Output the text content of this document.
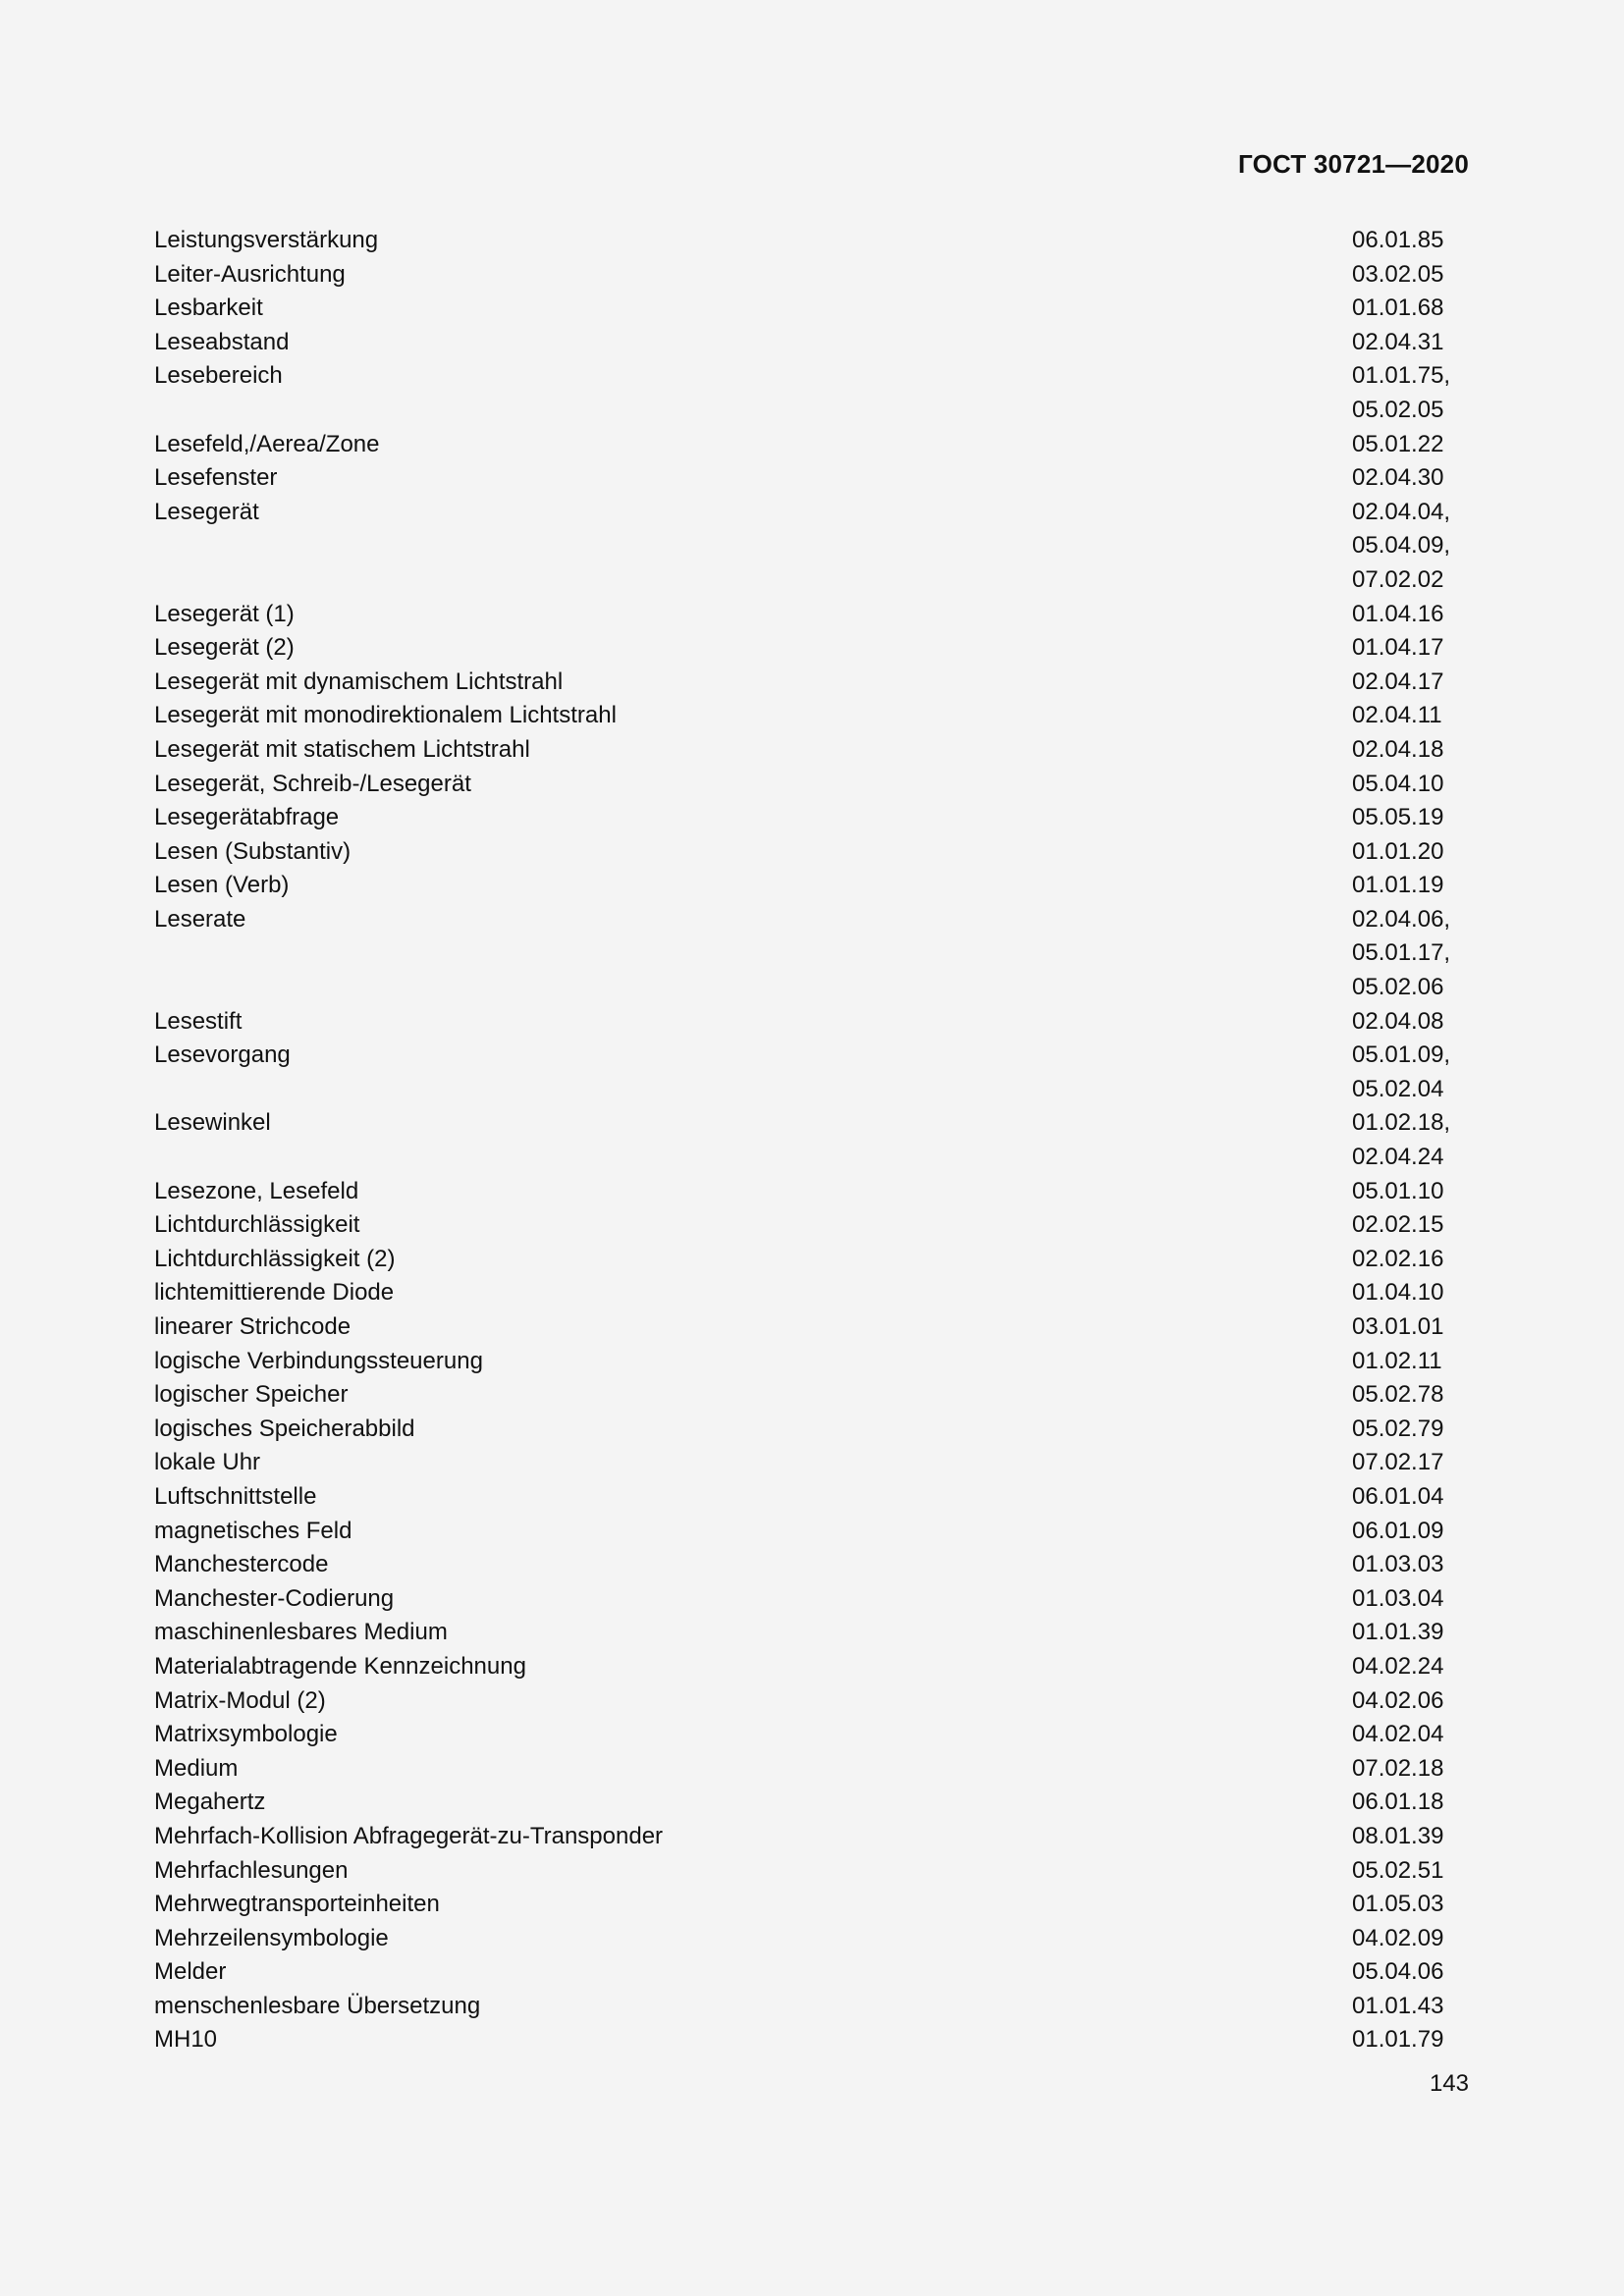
ГОСТ 30721—2020
Leistungsverstärkung	06.01.85
Leiter-Ausrichtung	03.02.05
Lesbarkeit	01.01.68
Leseabstand	02.04.31
Lesebereich	01.01.75,
05.02.05
Lesefeld,/Aerea/Zone	05.01.22
Lesefenster	02.04.30
Lesegerät	02.04.04,
05.04.09,
07.02.02
Lesegerät (1)	01.04.16
Lesegerät (2)	01.04.17
Lesegerät mit dynamischem Lichtstrahl	02.04.17
Lesegerät mit monodirektionalem Lichtstrahl	02.04.11
Lesegerät mit statischem Lichtstrahl	02.04.18
Lesegerät, Schreib-/Lesegerät	05.04.10
Lesegerätabfrage	05.05.19
Lesen (Substantiv)	01.01.20
Lesen (Verb)	01.01.19
Leserate	02.04.06,
05.01.17,
05.02.06
Lesestift	02.04.08
Lesevorgang	05.01.09,
05.02.04
Lesewinkel	01.02.18,
02.04.24
Lesezone, Lesefeld	05.01.10
Lichtdurchlässigkeit	02.02.15
Lichtdurchlässigkeit (2)	02.02.16
lichtemittierende Diode	01.04.10
linearer Strichcode	03.01.01
logische Verbindungssteuerung	01.02.11
logischer Speicher	05.02.78
logisches Speicherabbild	05.02.79
lokale Uhr	07.02.17
Luftschnittstelle	06.01.04
magnetisches Feld	06.01.09
Manchestercode	01.03.03
Manchester-Codierung	01.03.04
maschinenlesbares Medium	01.01.39
Materialabtragende Kennzeichnung	04.02.24
Matrix-Modul (2)	04.02.06
Matrixsymbologie	04.02.04
Medium	07.02.18
Megahertz	06.01.18
Mehrfach-Kollision Abfragegerät-zu-Transponder	08.01.39
Mehrfachlesungen	05.02.51
Mehrwegtransporteinheiten	01.05.03
Mehrzeilensymbologie	04.02.09
Melder	05.04.06
menschenlesbare Übersetzung	01.01.43
MH10	01.01.79
143
